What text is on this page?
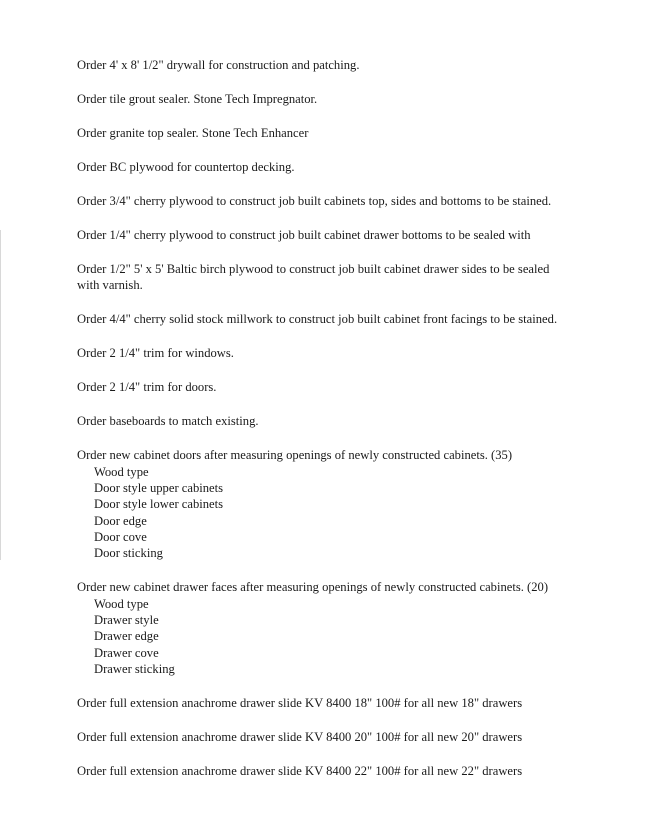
Order 4' x 8' 1/2" drywall for construction and patching.
Order tile grout sealer. Stone Tech Impregnator.
Order granite top sealer. Stone Tech Enhancer
Order BC plywood for countertop decking.
Order 3/4" cherry plywood to construct job built cabinets top, sides and bottoms to be stained.
Order 1/4" cherry plywood to construct job built cabinet drawer bottoms to be sealed with
Order 1/2" 5' x 5' Baltic birch plywood to construct job built cabinet drawer sides to be sealed
with varnish.
Order 4/4" cherry solid stock millwork to construct job built cabinet front facings to be stained.
Order 2 1/4" trim for windows.
Order 2 1/4" trim for doors.
Order baseboards to match existing.
Order new cabinet doors after measuring openings of newly constructed cabinets. (35)
Wood type
Door style upper cabinets
Door style lower cabinets
Door edge
Door cove
Door sticking
Order new cabinet drawer faces after measuring openings of newly constructed cabinets. (20)
Wood type
Drawer style
Drawer edge
Drawer cove
Drawer sticking
Order full extension anachrome drawer slide KV 8400 18" 100# for all new 18" drawers
Order full extension anachrome drawer slide KV 8400 20" 100# for all new 20" drawers
Order full extension anachrome drawer slide KV 8400 22" 100# for all new 22" drawers
